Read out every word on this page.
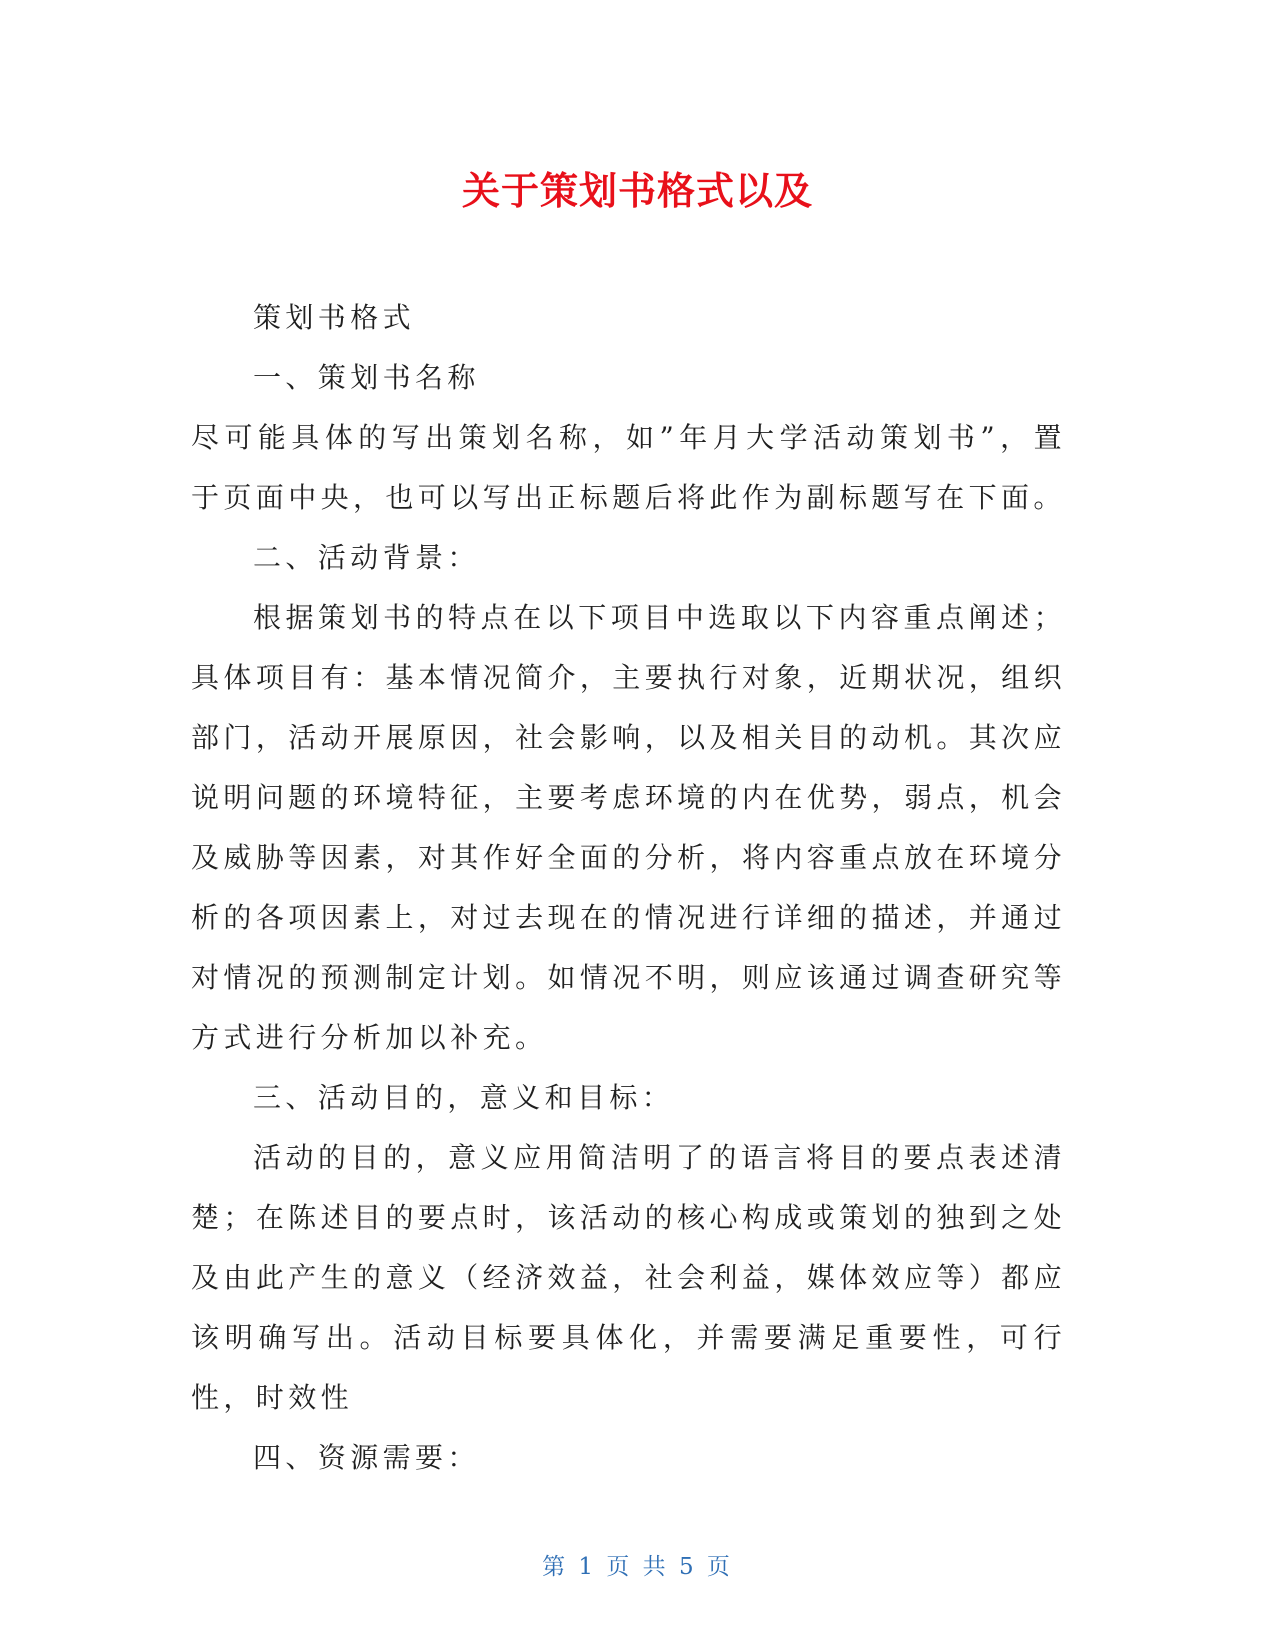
关于策划书格式以及

策划书格式

一、策划书名称

尽可能具体的写出策划名称，如”年月大学活动策划书”，置于页面中央，也可以写出正标题后将此作为副标题写在下面。

二、活动背景：

根据策划书的特点在以下项目中选取以下内容重点阐述；具体项目有：基本情况简介，主要执行对象，近期状况，组织部门，活动开展原因，社会影响，以及相关目的动机。其次应说明问题的环境特征，主要考虑环境的内在优势，弱点，机会及威胁等因素，对其作好全面的分析，将内容重点放在环境分析的各项因素上，对过去现在的情况进行详细的描述，并通过对情况的预测制定计划。如情况不明，则应该通过调查研究等方式进行分析加以补充。

三、活动目的，意义和目标：

活动的目的，意义应用简洁明了的语言将目的要点表述清楚；在陈述目的要点时，该活动的核心构成或策划的独到之处及由此产生的意义（经济效益，社会利益，媒体效应等）都应该明确写出。活动目标要具体化，并需要满足重要性，可行性，时效性

四、资源需要：

第 1 页 共 5 页
